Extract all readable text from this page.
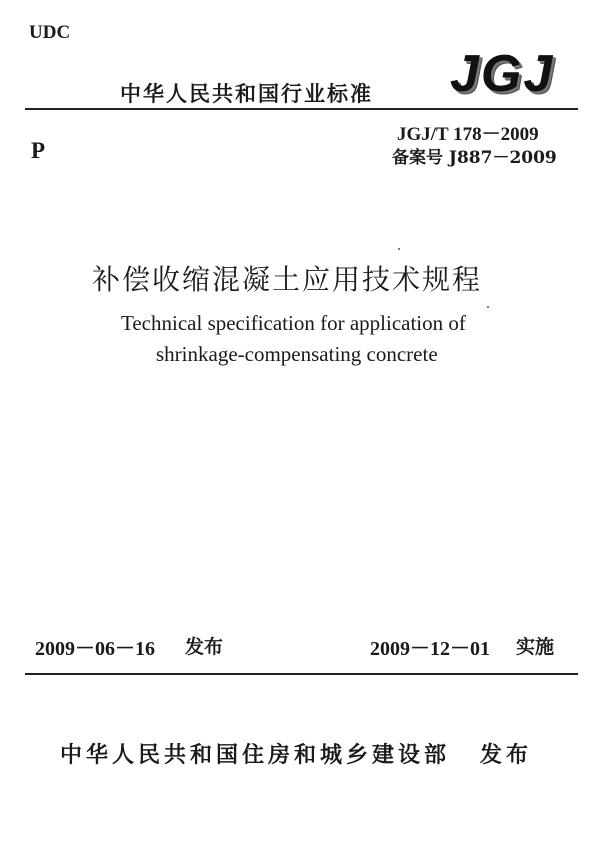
UDC
中华人民共和国行业标准 JGJ
P
JGJ/T 178－2009
备案号 J887－2009
补偿收缩混凝土应用技术规程
Technical specification for application of
shrinkage-compensating concrete
2009－06－16 发布	2009－12－01 实施
中华人民共和国住房和城乡建设部 发布
